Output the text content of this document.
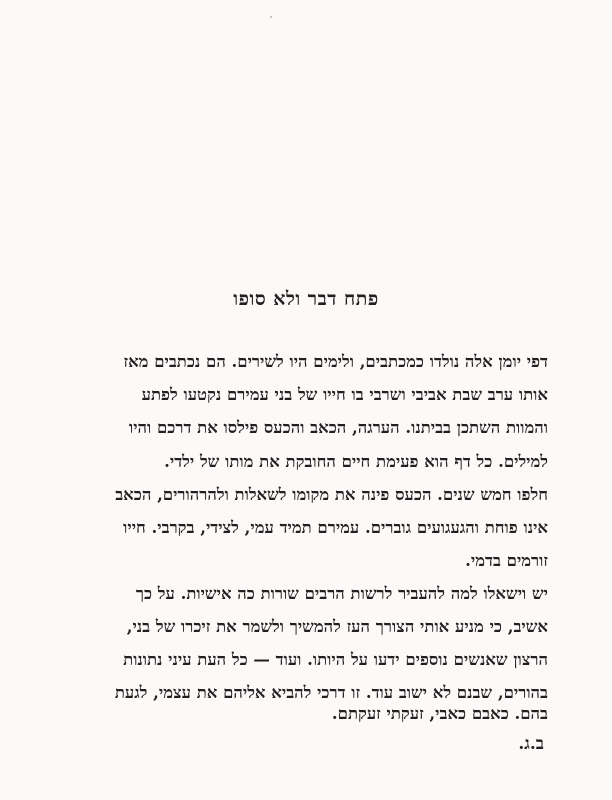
פתח דבר ולא סופו
דפי יומן אלה נולדו כמכתבים, ולימים היו לשירים. הם נכתבים מאז
אותו ערב שבת אביבי ושרבי בו חייו של בני עמירם נקטעו לפתע
והמוות השתכן בביתנו. הערגה, הכאב והכעס פילסו את דרכם והיו
למילים. כל דף הוא פעימת חיים החובקת את מותו של ילדי.
חלפו חמש שנים. הכעס פינה את מקומו לשאלות ולהרהורים, הכאב
אינו פוחת והגעגועים גוברים. עמירם תמיד עמי, לצידי, בקרבי. חייו
זורמים בדמי.
יש וישאלו למה להעביר לרשות הרבים שורות כה אישיות. על כך
אשיב, כי מניע אותי הצורך העז להמשיך ולשמר את זיכרו של בני,
הרצון שאנשים נוספים ידעו על היותו. ועוד — כל העת עיני נתונות
בהורים, שבנם לא ישוב עוד. זו דרכי להביא אליהם את עצמי, לגעת
בהם. כאבם כאבי, זעקתי זעקתם.
ב.ג.
